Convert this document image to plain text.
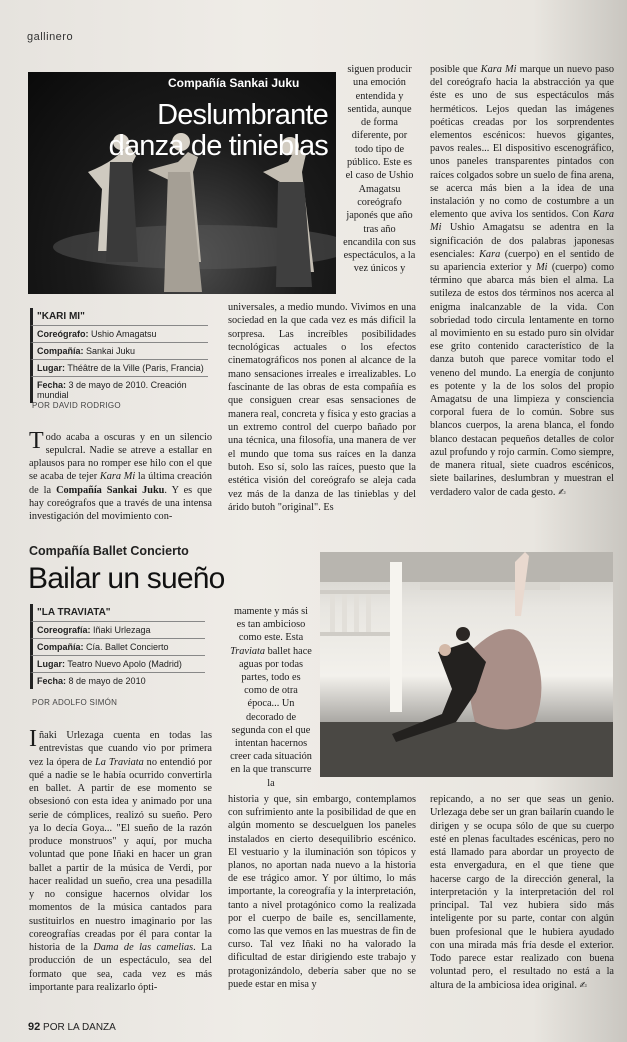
gallinero
Compañía Sankai Juku
Deslumbrante danza de tinieblas
"KARI MI"
Coreógrafo: Ushio Amagatsu
Compañía: Sankai Juku
Lugar: Théâtre de la Ville (Paris, Francia)
Fecha: 3 de mayo de 2010. Creación mundial
POR DAVID RODRIGO

Todo acaba a oscuras y en un silencio sepulcral. Nadie se atreve a estallar en aplausos para no romper ese hilo con el que se acaba de tejer Kara Mi la última creación de la Compañía Sankai Juku. Y es que hay coreógrafos que a través de una intensa investigación del movimiento con-

siguen producir una emoción entendida y sentida, aunque de forma diferente, por todo tipo de público. Este es el caso de Ushio Amagatsu coreógrafo japonés que año tras año encandila con sus espectáculos, a la vez únicos y
universales, a medio mundo. Vivimos en una sociedad en la que cada vez es más difícil la sorpresa. Las increíbles posibilidades tecnológicas actuales o los efectos cinematográficos nos ponen al alcance de la mano sensaciones irreales e irrealizables. Lo fascinante de las obras de esta compañía es que consiguen crear esas sensaciones de manera real, concreta y física y esto gracias a un extremo control del cuerpo bañado por una técnica, una filosofía, una manera de ver el mundo que toma sus raíces en la danza butoh. Eso sí, solo las raíces, puesto que la estética visión del coreógrafo se aleja cada vez más de la danza de las tinieblas y del árido butoh "original". Es

posible que Kara Mi marque un nuevo paso del coreógrafo hacia la abstracción ya que éste es uno de sus espectáculos más herméticos. Lejos quedan las imágenes poéticas creadas por los sorprendentes elementos escénicos: huevos gigantes, pavos reales... El dispositivo escenográfico, unos paneles transparentes pintados con raíces colgados sobre un suelo de fina arena, se acerca más bien a la idea de una instalación y no como de costumbre a un elemento que aviva los sentidos. Con Kara Mi Ushio Amagatsu se adentra en la significación de dos palabras japonesas esenciales: Kara (cuerpo) en el sentido de su apariencia exterior y Mi (cuerpo) como término que abarca más bien el alma. La sutileza de estos dos términos nos acerca al enigma inalcanzable de la vida. Con sobriedad todo circula lentamente en torno al movimiento en su estado puro sin olvidar ese grito contenido característico de la danza butoh que parece vomitar todo el veneno del mundo. La energía de conjunto es potente y la de los solos del propio Amagatsu de una limpieza y consciencia corporal fuera de lo común. Sobre sus blancos cuerpos, la arena blanca, el fondo blanco destacan pequeños detalles de color azul profundo y rojo carmín. Como siempre, de manera ritual, siete cuadros escénicos, siete bailarines, deslumbran y muestran el verdadero valor de cada gesto. ✍

Compañía Ballet Concierto
Bailar un sueño
"LA TRAVIATA"
Coreografía: Iñaki Urlezaga
Compañía: Cía. Ballet Concierto
Lugar: Teatro Nuevo Apolo (Madrid)
Fecha: 8 de mayo de 2010
POR ADOLFO SIMÓN

Iñaki Urlezaga cuenta en todas las entrevistas que cuando vio por primera vez la ópera de La Traviata no entendió por qué a nadie se le había ocurrido convertirla en ballet. A partir de ese momento se obsesionó con esta idea y animado por una serie de cómplices, realizó su sueño. Pero ya lo decía Goya... "El sueño de la razón produce monstruos" y aquí, por mucha voluntad que pone Iñaki en hacer un gran ballet a partir de la música de Verdi, por hacer realidad un sueño, crea una pesadilla y no consigue hacernos olvidar los momentos de la música cantados para sustituirlos en nuestro imaginario por las coreografías creadas por él para contar la historia de la Dama de las camelias. La producción de un espectáculo, sea del formato que sea, cada vez es más importante para realizarlo ópti-

mamente y más si es tan ambicioso como este. Esta Traviata ballet hace aguas por todas partes, todo es como de otra época... Un decorado de segunda con el que intentan hacernos creer cada situación en la que transcurre la

historia y que, sin embargo, contemplamos con sufrimiento ante la posibilidad de que en algún momento se descuelguen los paneles instalados en cierto desequilibrio escénico. El vestuario y la iluminación son tópicos y planos, no aportan nada nuevo a la historia de ese trágico amor. Y por último, lo más importante, la coreografía y la interpretación, tanto a nivel protagónico como la realizada por el cuerpo de baile es, sencillamente, como las que vemos en las muestras de fin de curso. Tal vez Iñaki no ha valorado la dificultad de estar dirigiendo este trabajo y protagonizándolo, debería saber que no se puede estar en misa y

repicando, a no ser que seas un genio. Urlezaga debe ser un gran bailarín cuando le dirigen y se ocupa sólo de que su cuerpo esté en plenas facultades escénicas, pero no está llamado para abordar un proyecto de esta envergadura, en el que tiene que hacerse cargo de la dirección general, la interpretación y la interpretación del rol principal. Tal vez hubiera sido más inteligente por su parte, contar con algún buen profesional que le hubiera ayudado con una mirada más fría desde el exterior. Todo parece estar realizado con buena voluntad pero, el resultado no está a la altura de la ambiciosa idea original. ✍

92 POR LA DANZA
